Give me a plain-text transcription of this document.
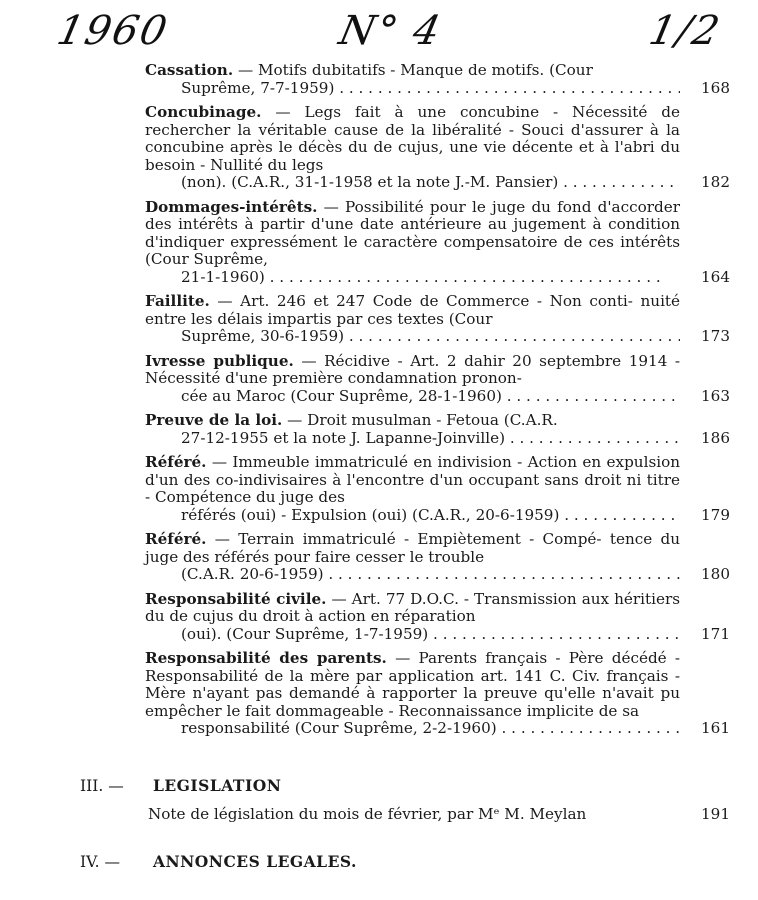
1960	N° 4	1/2
Cassation. — Motifs dubitatifs - Manque de motifs. (Cour
Suprême, 7-7-1959) . . .	168
Concubinage. — Legs fait à une concubine - Nécessité de rechercher la véritable cause de la libéralité - Souci d'assurer à la concubine après le décès du de cujus, une vie décente et à l'abri du besoin - Nullité du legs
(non). (C.A.R., 31-1-1958 et la note J.-M. Pansier) . . .	182
Dommages-intérêts. — Possibilité pour le juge du fond d'accorder des intérêts à partir d'une date antérieure au jugement à condition d'indiquer expressément le caractère compensatoire de ces intérêts (Cour Suprême,
21-1-1960) . . .	164
Faillite. — Art. 246 et 247 Code de Commerce - Non conti- nuité entre les délais impartis par ces textes (Cour
Suprême, 30-6-1959) . . .	173
Ivresse publique. — Récidive - Art. 2 dahir 20 septembre 1914 - Nécessité d'une première condamnation pronon-
cée au Maroc (Cour Suprême, 28-1-1960) . . .	163
Preuve de la loi. — Droit musulman - Fetoua (C.A.R.
27-12-1955 et la note J. Lapanne-Joinville) . . .	186
Référé. — Immeuble immatriculé en indivision - Action en expulsion d'un des co-indivisaires à l'encontre d'un occupant sans droit ni titre - Compétence du juge des
référés (oui) - Expulsion (oui) (C.A.R., 20-6-1959) . . .	179
Référé. — Terrain immatriculé - Empiètement - Compé- tence du juge des référés pour faire cesser le trouble
(C.A.R. 20-6-1959) . . .	180
Responsabilité civile. — Art. 77 D.O.C. - Transmission aux héritiers du de cujus du droit à action en réparation
(oui). (Cour Suprême, 1-7-1959) . . .	171
Responsabilité des parents. — Parents français - Père décédé - Responsabilité de la mère par application art. 141 C. Civ. français - Mère n'ayant pas demandé à rapporter la preuve qu'elle n'avait pu empêcher le fait dommageable - Reconnaissance implicite de sa
responsabilité (Cour Suprême, 2-2-1960) . . .	161
III. — LEGISLATION
Note de législation du mois de février, par Mᵉ M. Meylan	191
IV. — ANNONCES LEGALES.
